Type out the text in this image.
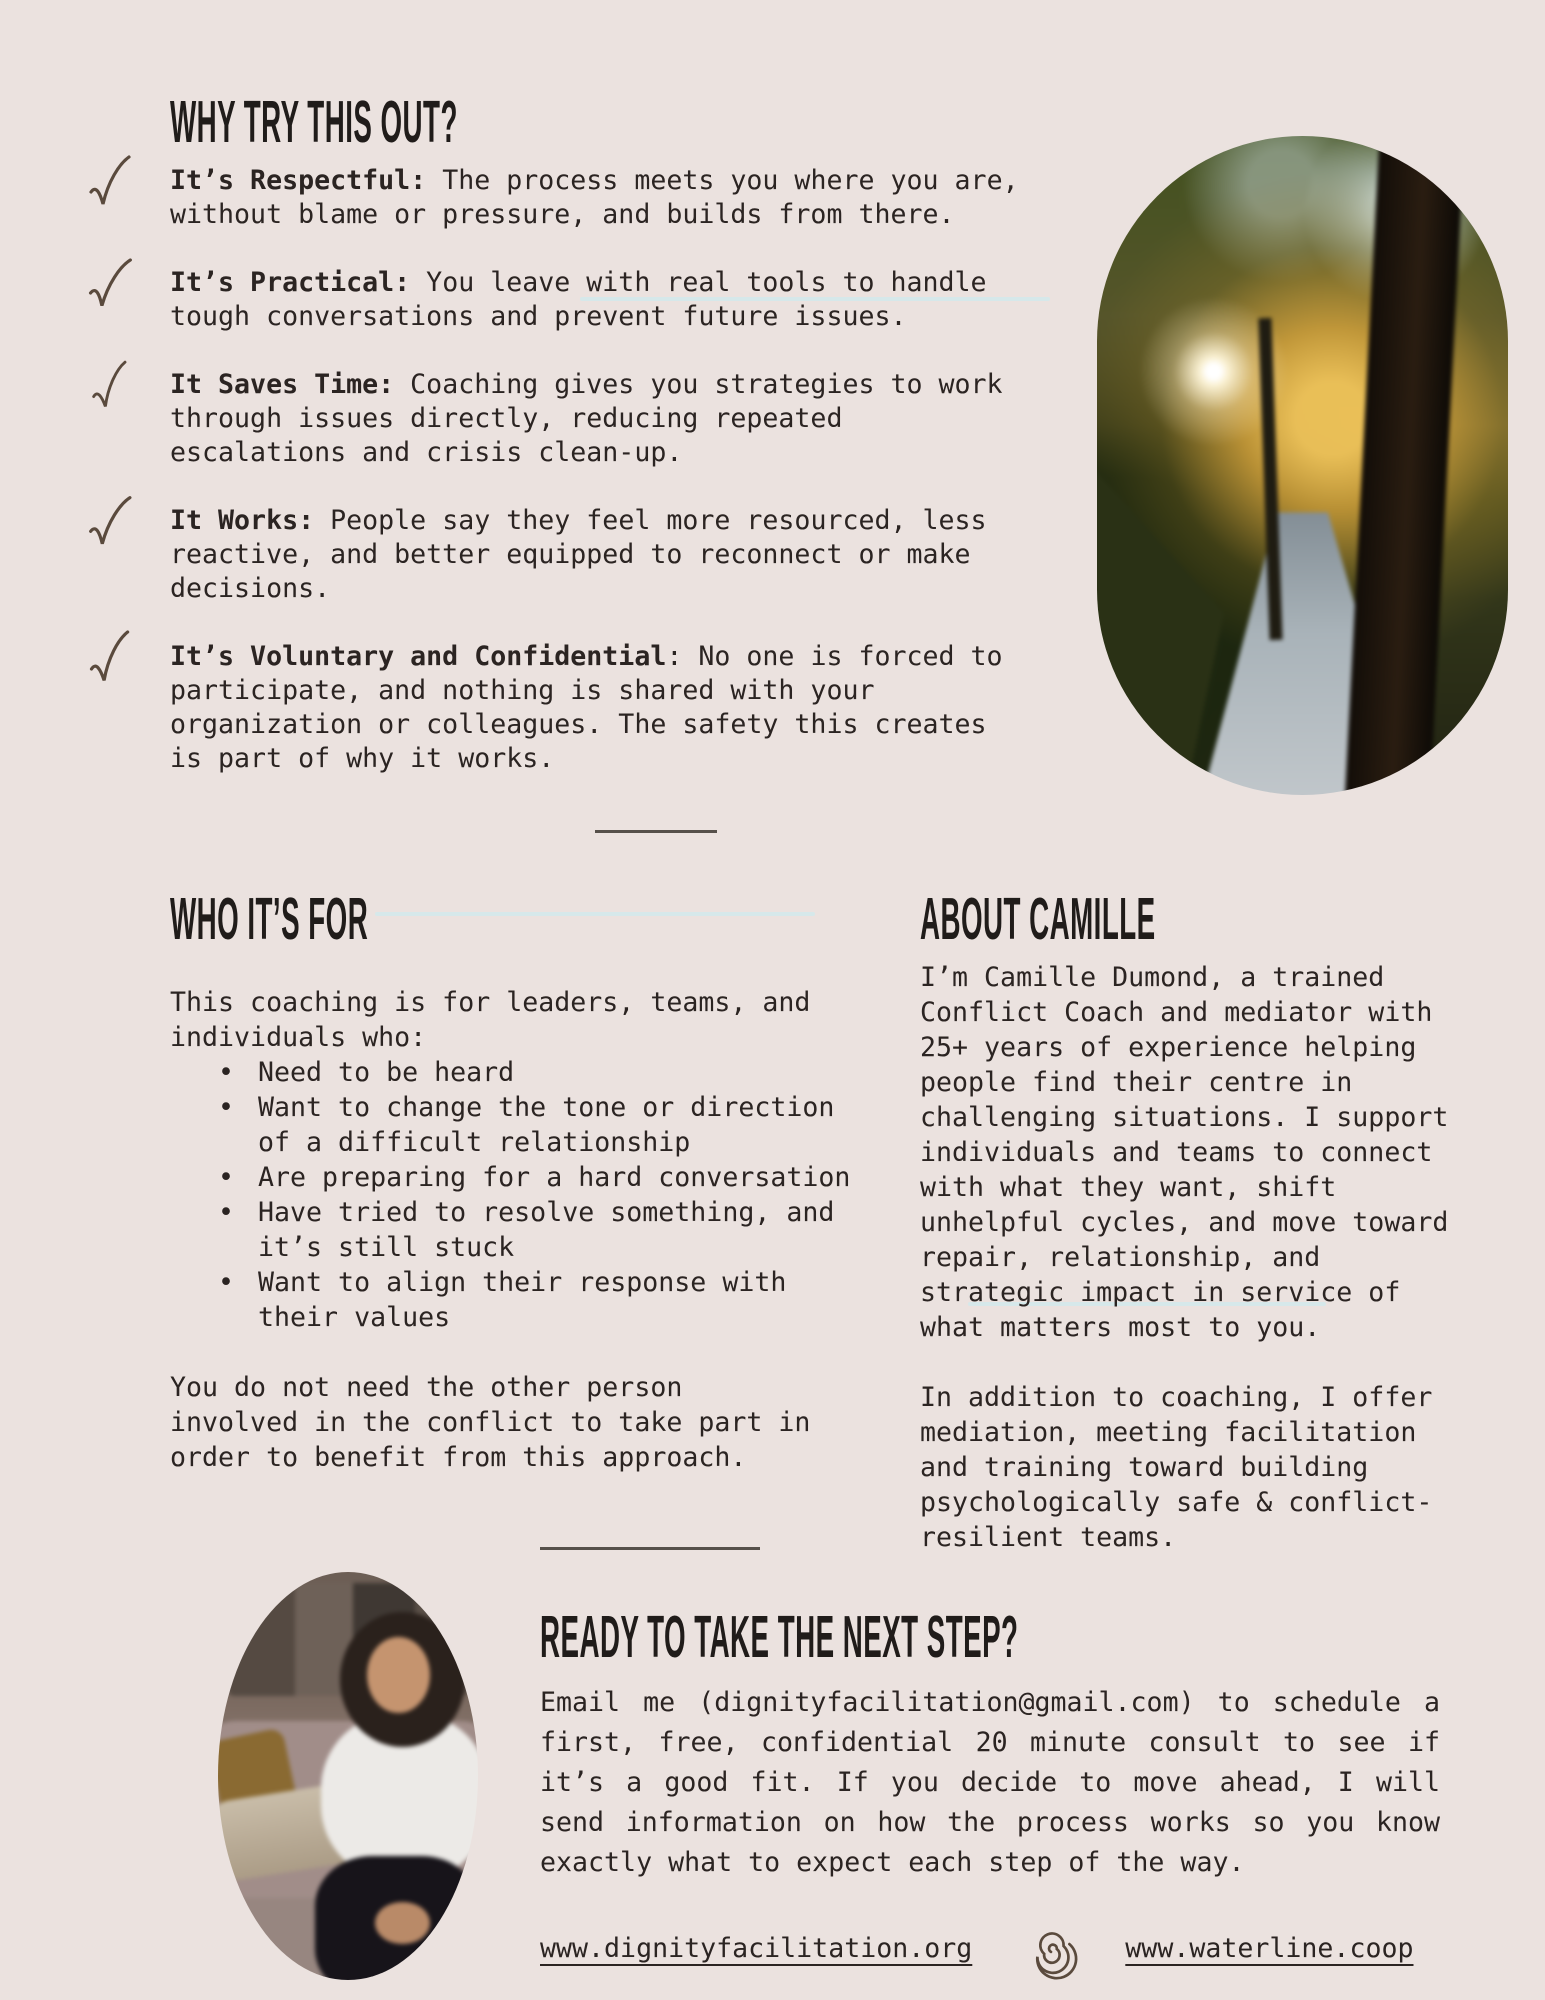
WHY TRY THIS OUT?

It’s Respectful: The process meets you where you are, without blame or pressure, and builds from there.

It’s Practical: You leave with real tools to handle tough conversations and prevent future issues.

It Saves Time: Coaching gives you strategies to work through issues directly, reducing repeated escalations and crisis clean-up.

It Works: People say they feel more resourced, less reactive, and better equipped to reconnect or make decisions.

It’s Voluntary and Confidential: No one is forced to participate, and nothing is shared with your organization or colleagues. The safety this creates is part of why it works.

WHO IT’S FOR

This coaching is for leaders, teams, and individuals who:

• Need to be heard
• Want to change the tone or direction of a difficult relationship
• Are preparing for a hard conversation
• Have tried to resolve something, and it’s still stuck
• Want to align their response with their values

You do not need the other person involved in the conflict to take part in order to benefit from this approach.

ABOUT CAMILLE

I’m Camille Dumond, a trained Conflict Coach and mediator with 25+ years of experience helping people find their centre in challenging situations. I support individuals and teams to connect with what they want, shift unhelpful cycles, and move toward repair, relationship, and strategic impact in service of what matters most to you.

In addition to coaching, I offer mediation, meeting facilitation and training toward building psychologically safe & conflict-resilient teams.

READY TO TAKE THE NEXT STEP?

Email me (dignityfacilitation@gmail.com) to schedule a first, free, confidential 20 minute consult to see if it’s a good fit. If you decide to move ahead, I will send information on how the process works so you know exactly what to expect each step of the way.

www.dignityfacilitation.org	www.waterline.coop
